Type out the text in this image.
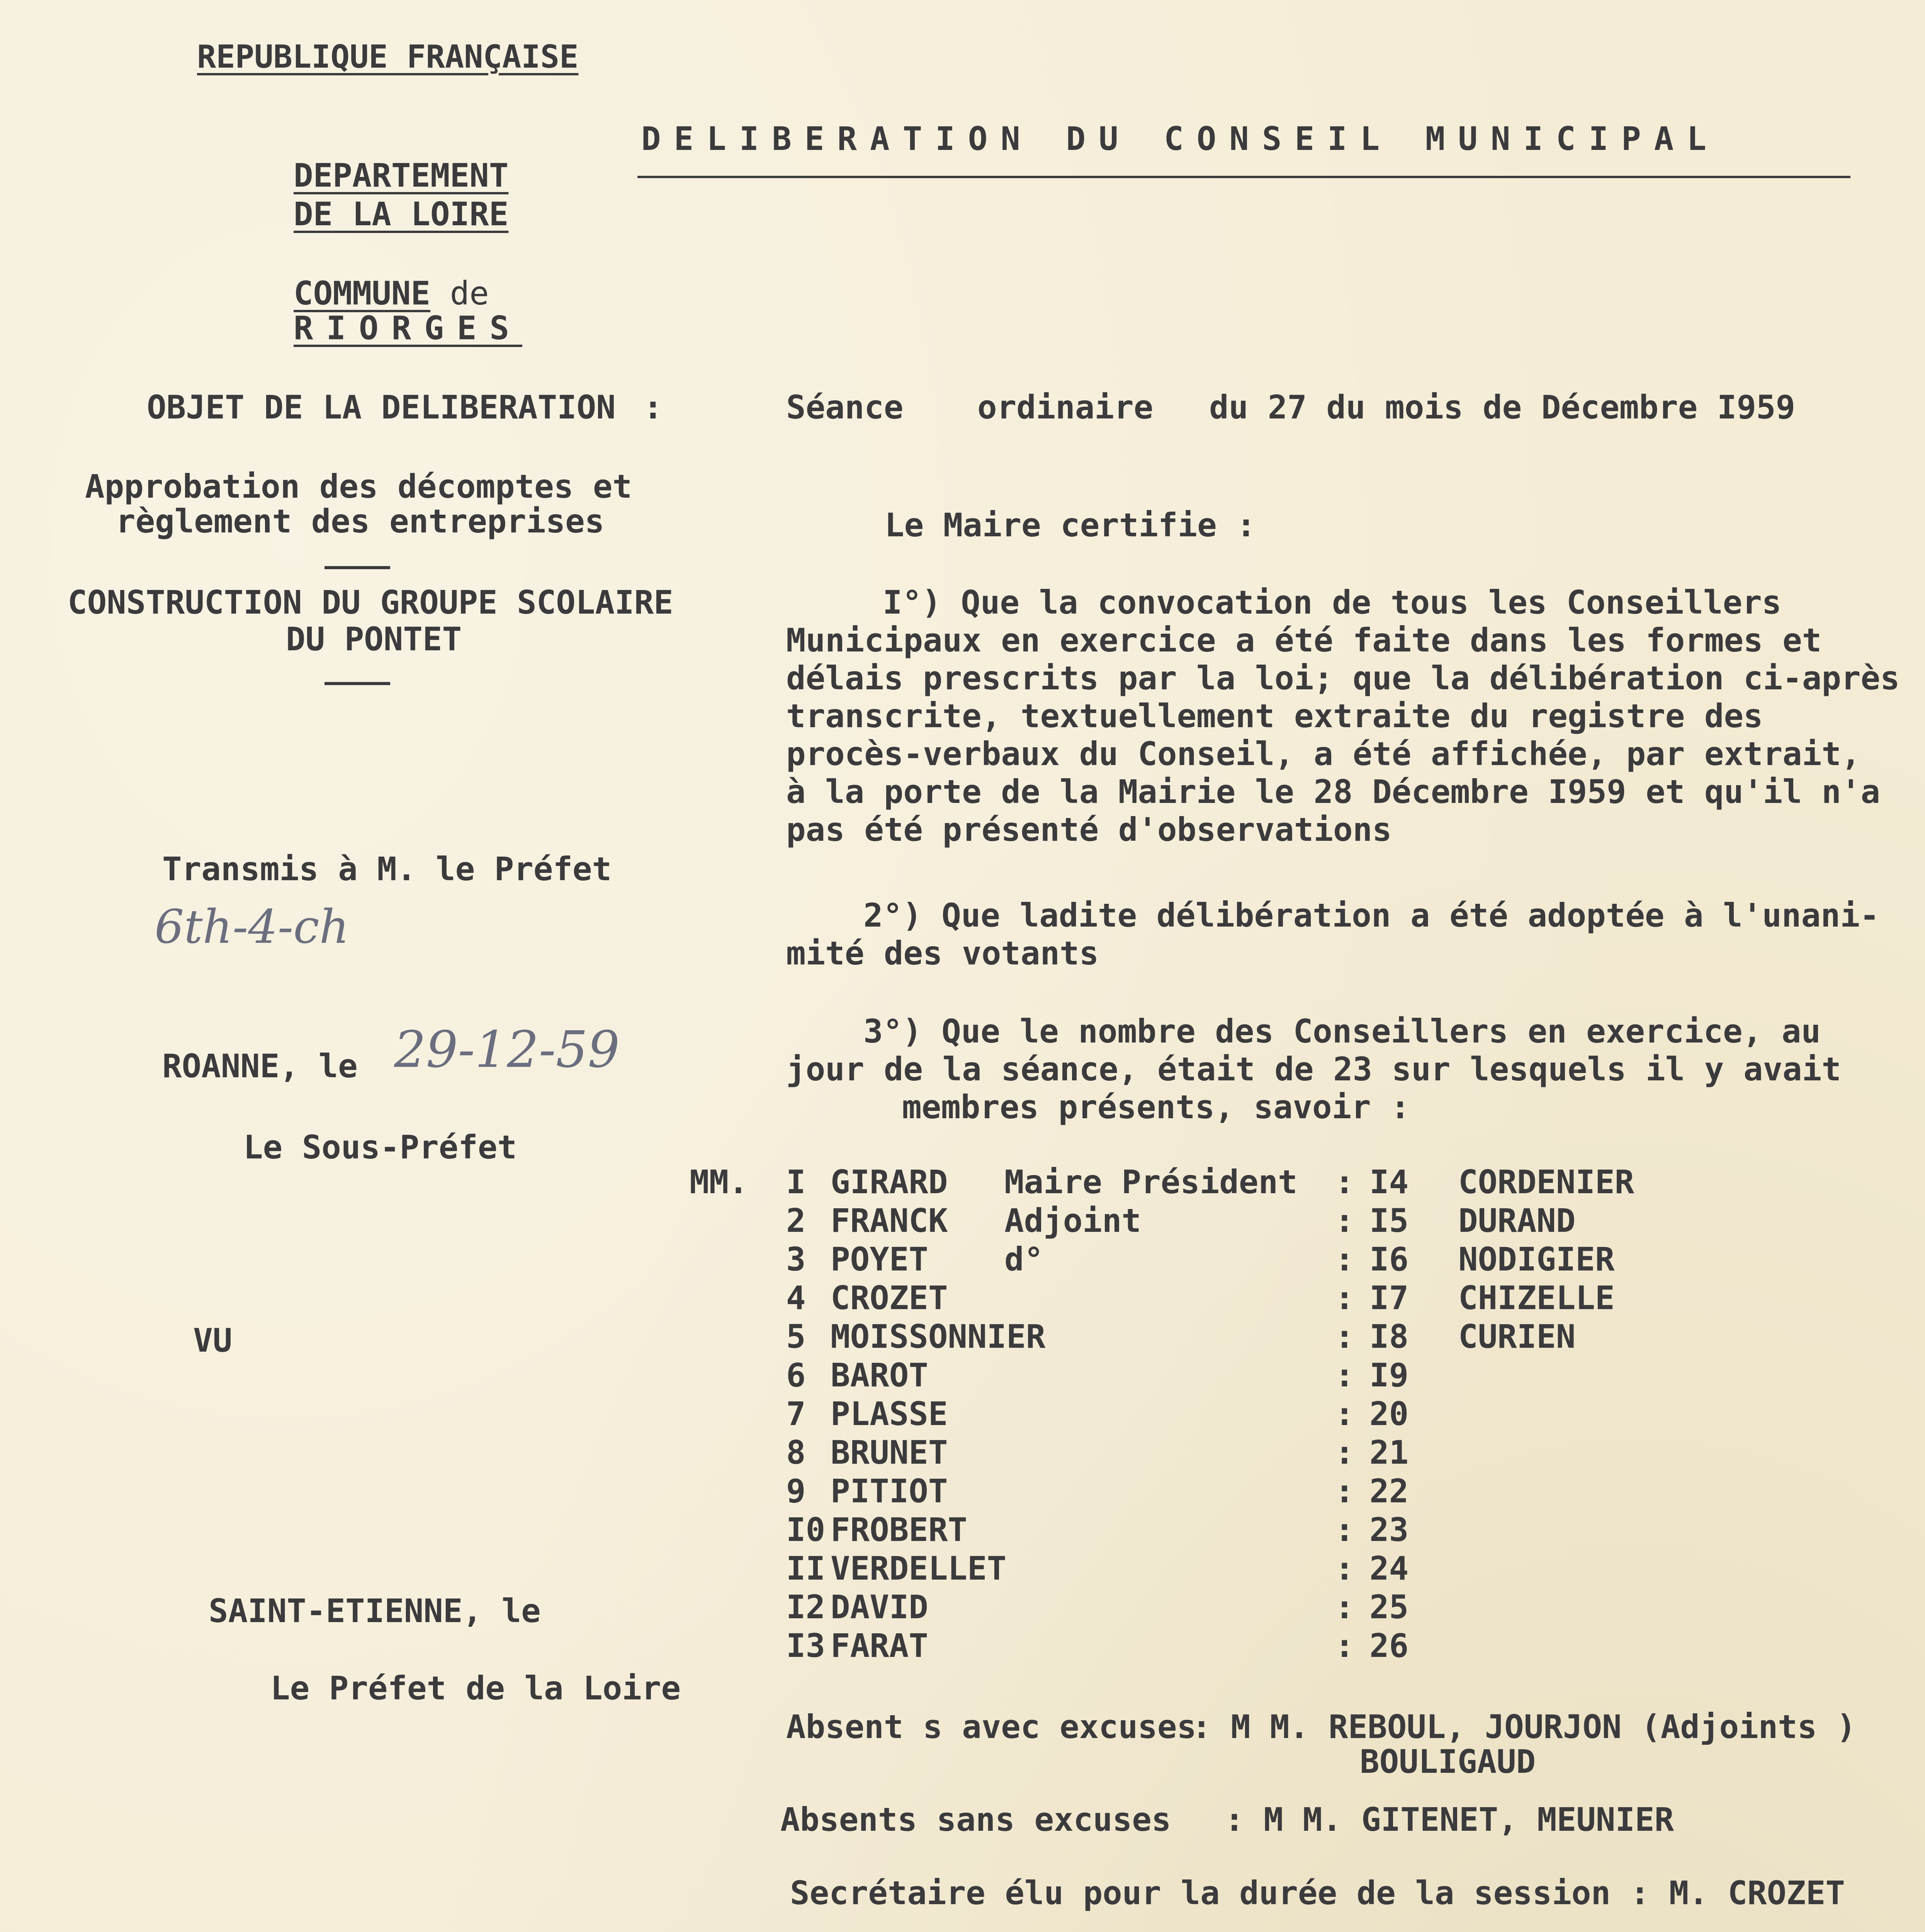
REPUBLIQUE FRANÇAISE
DELIBERATION DU CONSEIL MUNICIPAL
DEPARTEMENT
DE LA LOIRE
COMMUNE de
RIORGES
OBJET DE LA DELIBERATION :
Approbation des décomptes et
règlement des entreprises
CONSTRUCTION DU GROUPE SCOLAIRE
DU PONTET
Transmis à M. le Préfet
6th-4-ch
ROANNE, le 29-12-59
Le Sous-Préfet
VU
SAINT-ETIENNE, le
Le Préfet de la Loire
Séance ordinaire du 27 du mois de Décembre I959
Le Maire certifie :
I°) Que la convocation de tous les Conseillers
Municipaux en exercice a été faite dans les formes et
délais prescrits par la loi; que la délibération ci-après
transcrite, textuellement extraite du registre des
procès-verbaux du Conseil, a été affichée, par extrait,
à la porte de la Mairie le 28 Décembre I959 et qu'il n'a
pas été présenté d'observations
2°) Que ladite délibération a été adoptée à l'unani-
mité des votants
3°) Que le nombre des Conseillers en exercice, au
jour de la séance, était de 23 sur lesquels il y avait
membres présents, savoir :
MM. I GIRARD Maire Président : I4 CORDENIER
2 FRANCK Adjoint	: I5 DURAND
3 POYET d°	: I6 NODIGIER
4 CROZET	: I7 CHIZELLE
5 MOISSONNIER	: I8 CURIEN
6 BAROT	: I9
7 PLASSE	: 20
8 BRUNET	: 21
9 PITIOT	: 22
I0 FROBERT	: 23
II VERDELLET	: 24
I2 DAVID	: 25
I3 FARAT	: 26
Absent s avec excuses
: M M. REBOUL, JOURJON (Adjoints )
BOULIGAUD
Absents sans excuses : M M. GITENET, MEUNIER
Secrétaire élu pour la durée de la session : M. CROZET
